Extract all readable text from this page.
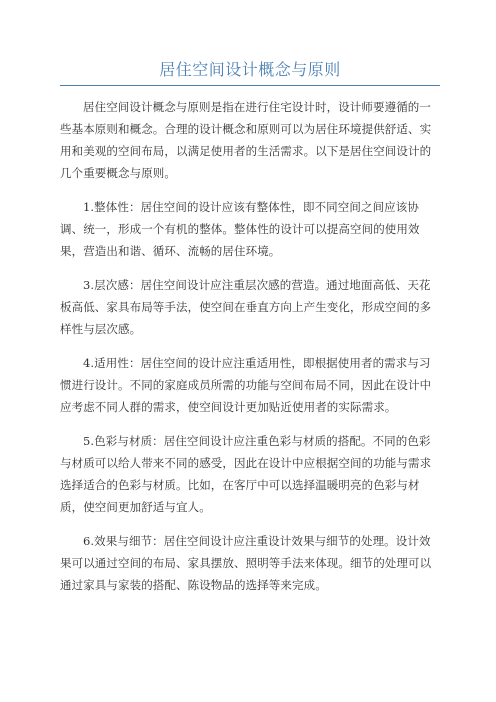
居住空间设计概念与原则

居住空间设计概念与原则是指在进行住宅设计时，设计师要遵循的一些基本原则和概念。合理的设计概念和原则可以为居住环境提供舒适、实用和美观的空间布局，以满足使用者的生活需求。以下是居住空间设计的几个重要概念与原则。

1.整体性：居住空间的设计应该有整体性，即不同空间之间应该协调、统一，形成一个有机的整体。整体性的设计可以提高空间的使用效果，营造出和谐、循环、流畅的居住环境。

3.层次感：居住空间设计应注重层次感的营造。通过地面高低、天花板高低、家具布局等手法，使空间在垂直方向上产生变化，形成空间的多样性与层次感。

4.适用性：居住空间的设计应注重适用性，即根据使用者的需求与习惯进行设计。不同的家庭成员所需的功能与空间布局不同，因此在设计中应考虑不同人群的需求，使空间设计更加贴近使用者的实际需求。

5.色彩与材质：居住空间设计应注重色彩与材质的搭配。不同的色彩与材质可以给人带来不同的感受，因此在设计中应根据空间的功能与需求选择适合的色彩与材质。比如，在客厅中可以选择温暖明亮的色彩与材质，使空间更加舒适与宜人。

6.效果与细节：居住空间设计应注重设计效果与细节的处理。设计效果可以通过空间的布局、家具摆放、照明等手法来体现。细节的处理可以通过家具与家装的搭配、陈设物品的选择等来完成。
